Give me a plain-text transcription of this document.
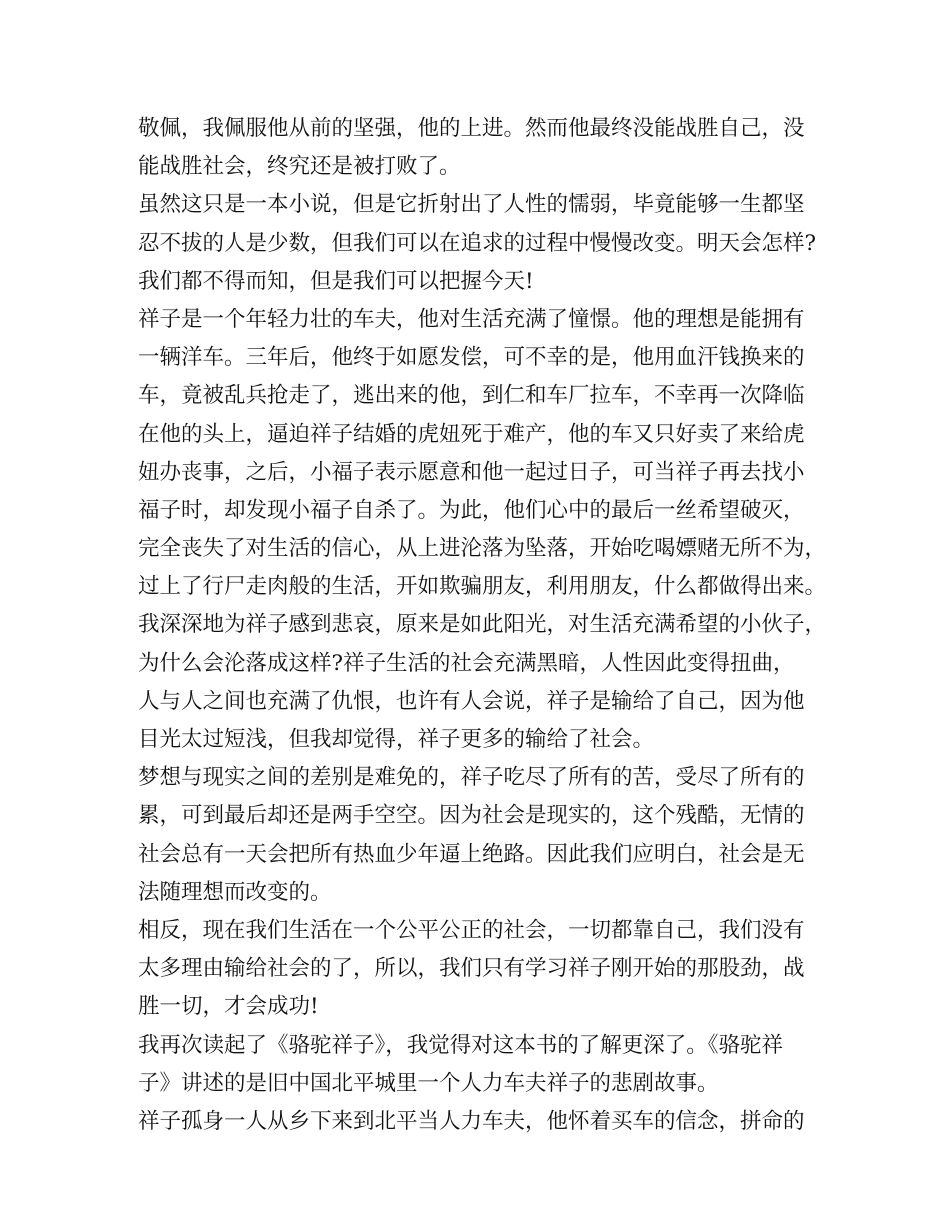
敬佩，我佩服他从前的坚强，他的上进。然而他最终没能战胜自己，没
能战胜社会，终究还是被打败了。
虽然这只是一本小说，但是它折射出了人性的懦弱，毕竟能够一生都坚
忍不拔的人是少数，但我们可以在追求的过程中慢慢改变。明天会怎样?
我们都不得而知，但是我们可以把握今天!
祥子是一个年轻力壮的车夫，他对生活充满了憧憬。他的理想是能拥有
一辆洋车。三年后，他终于如愿发偿，可不幸的是，他用血汗钱换来的
车，竟被乱兵抢走了，逃出来的他，到仁和车厂拉车，不幸再一次降临
在他的头上，逼迫祥子结婚的虎妞死于难产，他的车又只好卖了来给虎
妞办丧事，之后，小福子表示愿意和他一起过日子，可当祥子再去找小
福子时，却发现小福子自杀了。为此，他们心中的最后一丝希望破灭，
完全丧失了对生活的信心，从上进沦落为坠落，开始吃喝嫖赌无所不为，
过上了行尸走肉般的生活，开如欺骗朋友，利用朋友，什么都做得出来。
我深深地为祥子感到悲哀，原来是如此阳光，对生活充满希望的小伙子，
为什么会沦落成这样?祥子生活的社会充满黑暗，人性因此变得扭曲，
人与人之间也充满了仇恨，也许有人会说，祥子是输给了自己，因为他
目光太过短浅，但我却觉得，祥子更多的输给了社会。
梦想与现实之间的差别是难免的，祥子吃尽了所有的苦，受尽了所有的
累，可到最后却还是两手空空。因为社会是现实的，这个残酷，无情的
社会总有一天会把所有热血少年逼上绝路。因此我们应明白，社会是无
法随理想而改变的。
相反，现在我们生活在一个公平公正的社会，一切都靠自己，我们没有
太多理由输给社会的了，所以，我们只有学习祥子刚开始的那股劲，战
胜一切，才会成功!
我再次读起了《骆驼祥子》，我觉得对这本书的了解更深了。《骆驼祥
子》讲述的是旧中国北平城里一个人力车夫祥子的悲剧故事。
祥子孤身一人从乡下来到北平当人力车夫，他怀着买车的信念，拼命的
